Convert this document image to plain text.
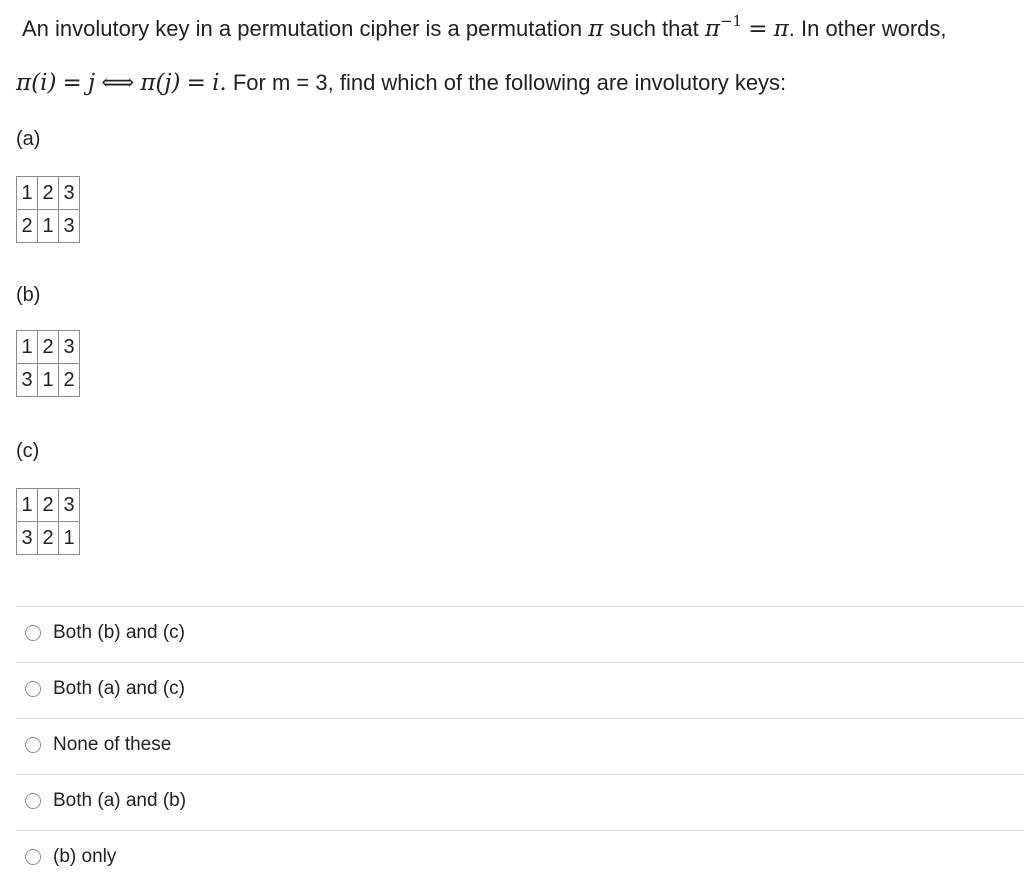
An involutory key in a permutation cipher is a permutation π such that $\pi^{-1} = \pi$. In other words,
π(i) = j ⟺ π(j) = i. For m = 3, find which of the following are involutory keys:
(a)
1	2	3
2	1	3
(b)
1	2	3
3	1	2
(c)
1	2	3
3	2	1
Both (b) and (c)
Both (a) and (c)
None of these
Both (a) and (b)
(b) only
